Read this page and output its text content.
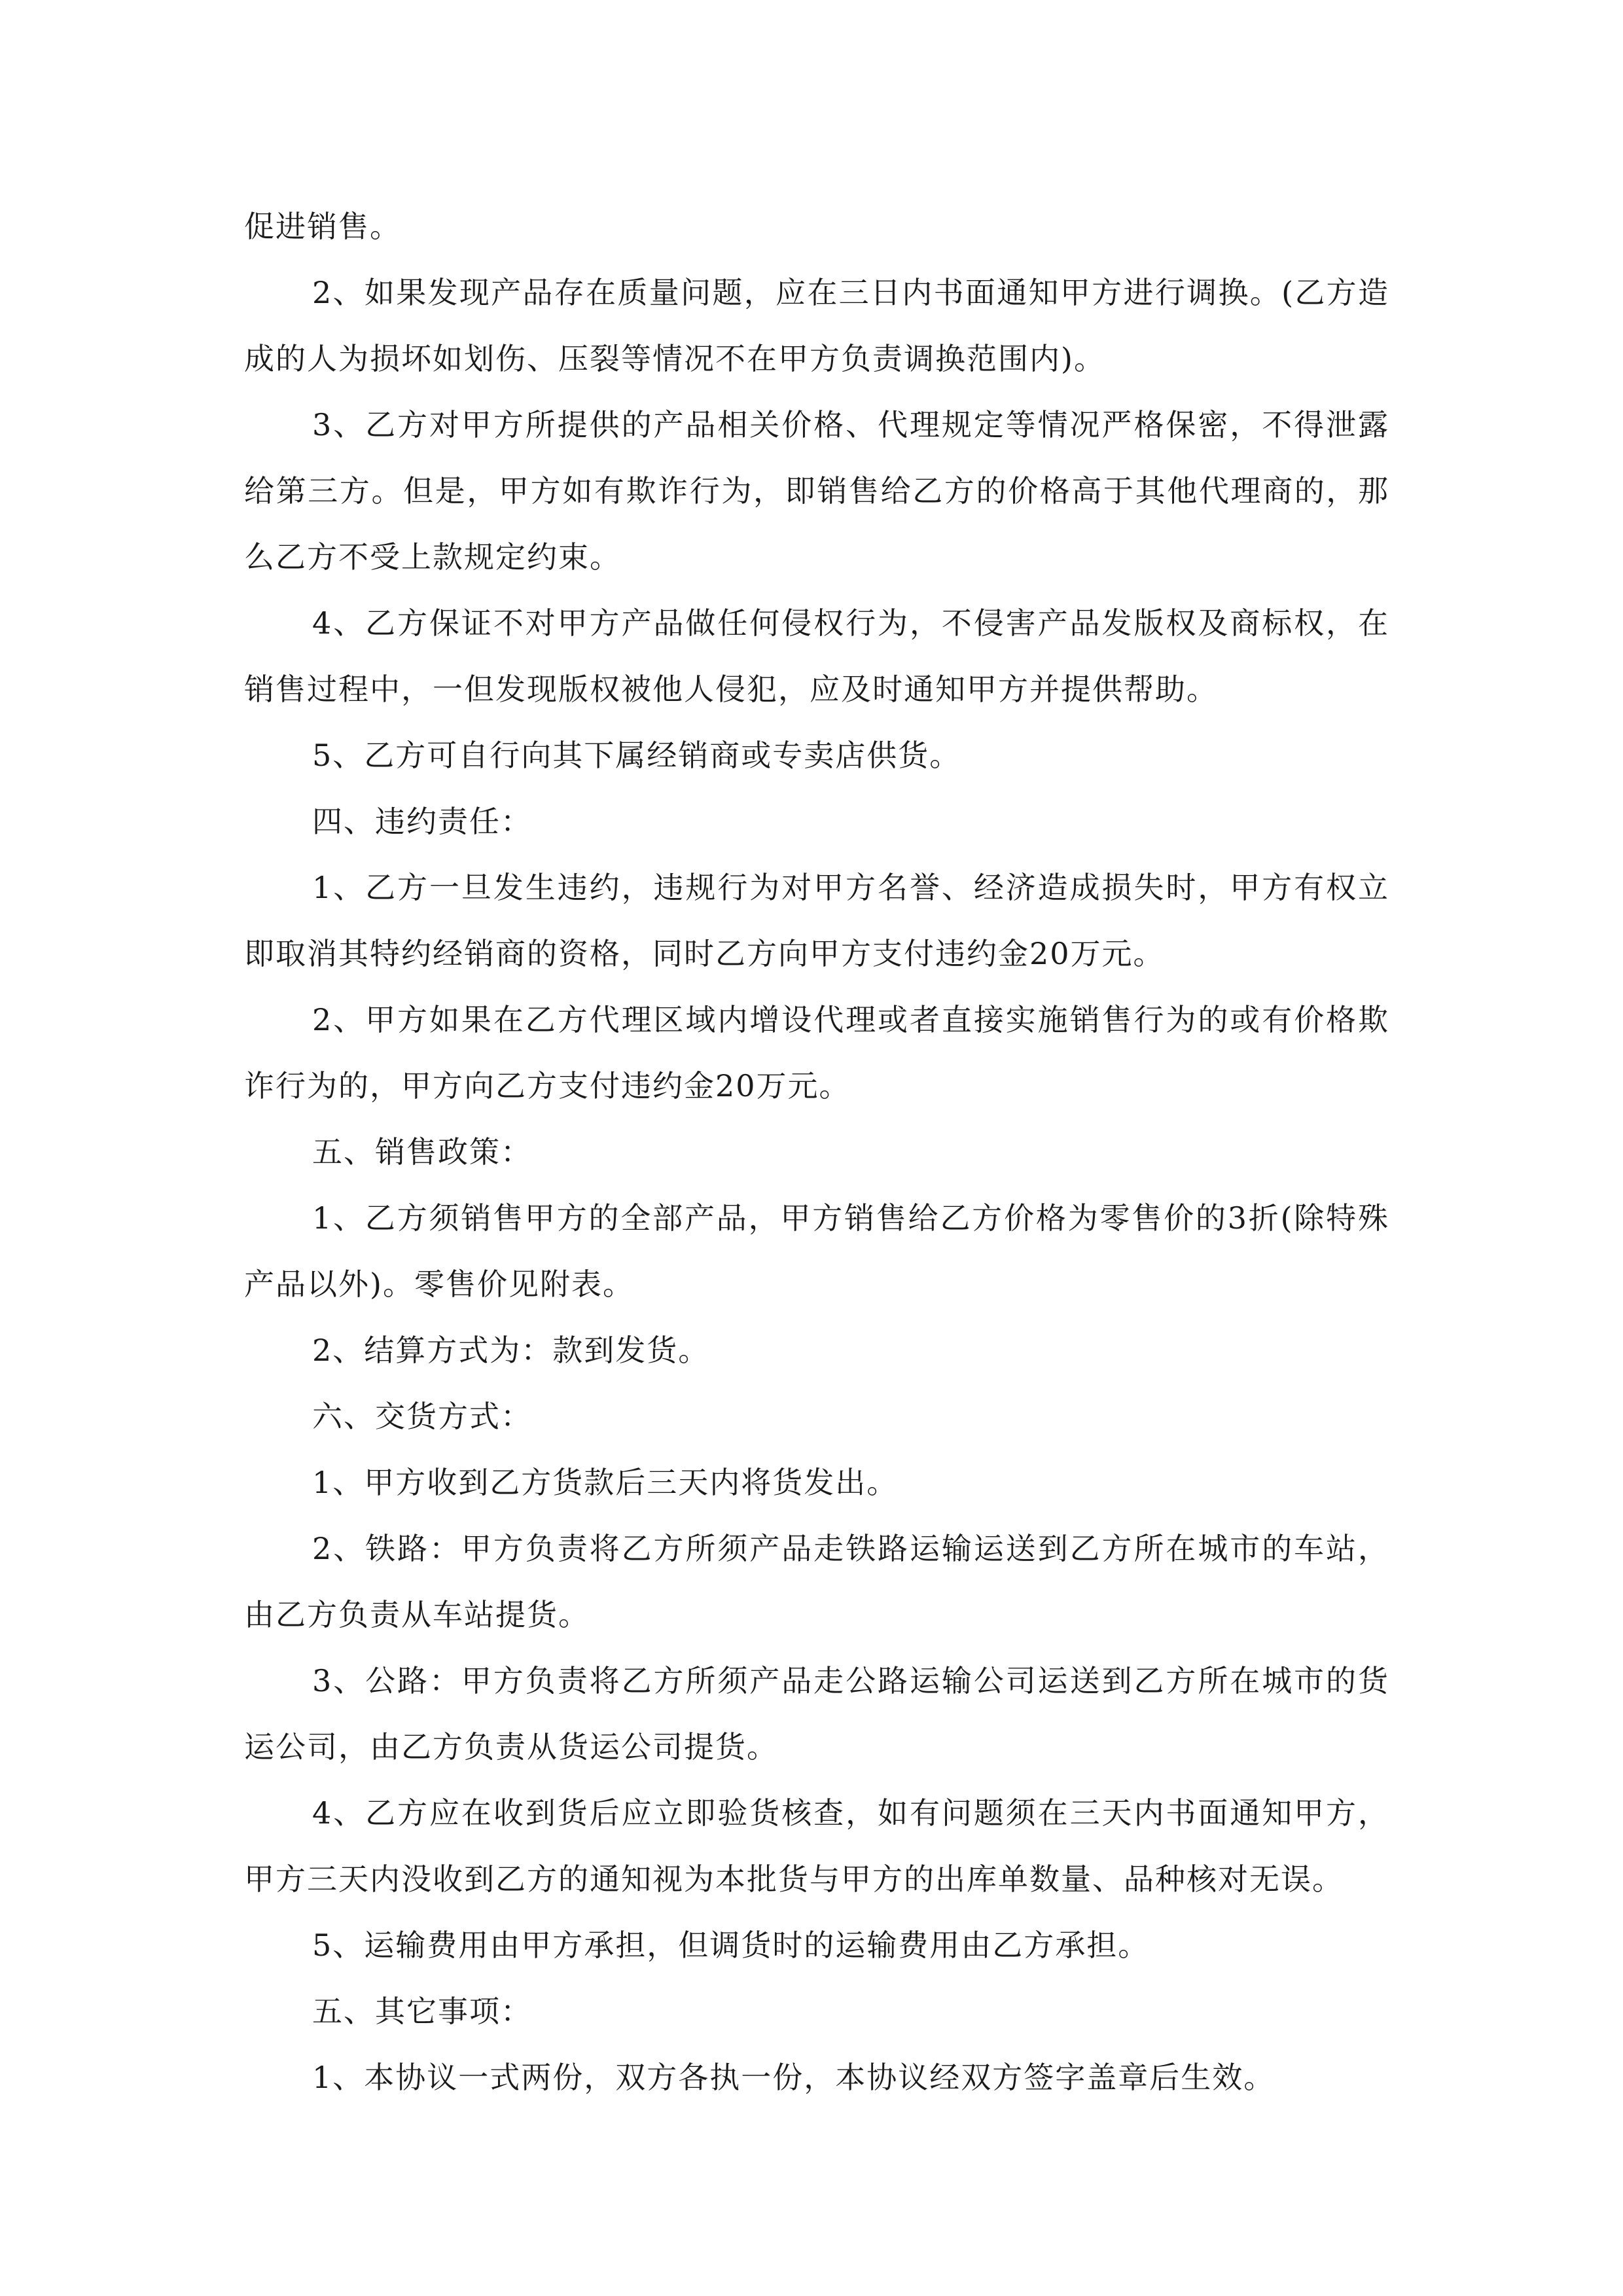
促进销售。

2、如果发现产品存在质量问题，应在三日内书面通知甲方进行调换。(乙方造成的人为损坏如划伤、压裂等情况不在甲方负责调换范围内)。

3、乙方对甲方所提供的产品相关价格、代理规定等情况严格保密，不得泄露给第三方。但是，甲方如有欺诈行为，即销售给乙方的价格高于其他代理商的，那么乙方不受上款规定约束。

4、乙方保证不对甲方产品做任何侵权行为，不侵害产品发版权及商标权，在销售过程中，一但发现版权被他人侵犯，应及时通知甲方并提供帮助。

5、乙方可自行向其下属经销商或专卖店供货。

四、违约责任：

1、乙方一旦发生违约，违规行为对甲方名誉、经济造成损失时，甲方有权立即取消其特约经销商的资格，同时乙方向甲方支付违约金20万元。

2、甲方如果在乙方代理区域内增设代理或者直接实施销售行为的或有价格欺诈行为的，甲方向乙方支付违约金20万元。

五、销售政策：

1、乙方须销售甲方的全部产品，甲方销售给乙方价格为零售价的3折(除特殊产品以外)。零售价见附表。

2、结算方式为：款到发货。

六、交货方式：

1、甲方收到乙方货款后三天内将货发出。

2、铁路：甲方负责将乙方所须产品走铁路运输运送到乙方所在城市的车站，由乙方负责从车站提货。

3、公路：甲方负责将乙方所须产品走公路运输公司运送到乙方所在城市的货运公司，由乙方负责从货运公司提货。

4、乙方应在收到货后应立即验货核查，如有问题须在三天内书面通知甲方，甲方三天内没收到乙方的通知视为本批货与甲方的出库单数量、品种核对无误。

5、运输费用由甲方承担，但调货时的运输费用由乙方承担。

五、其它事项：

1、本协议一式两份，双方各执一份，本协议经双方签字盖章后生效。
